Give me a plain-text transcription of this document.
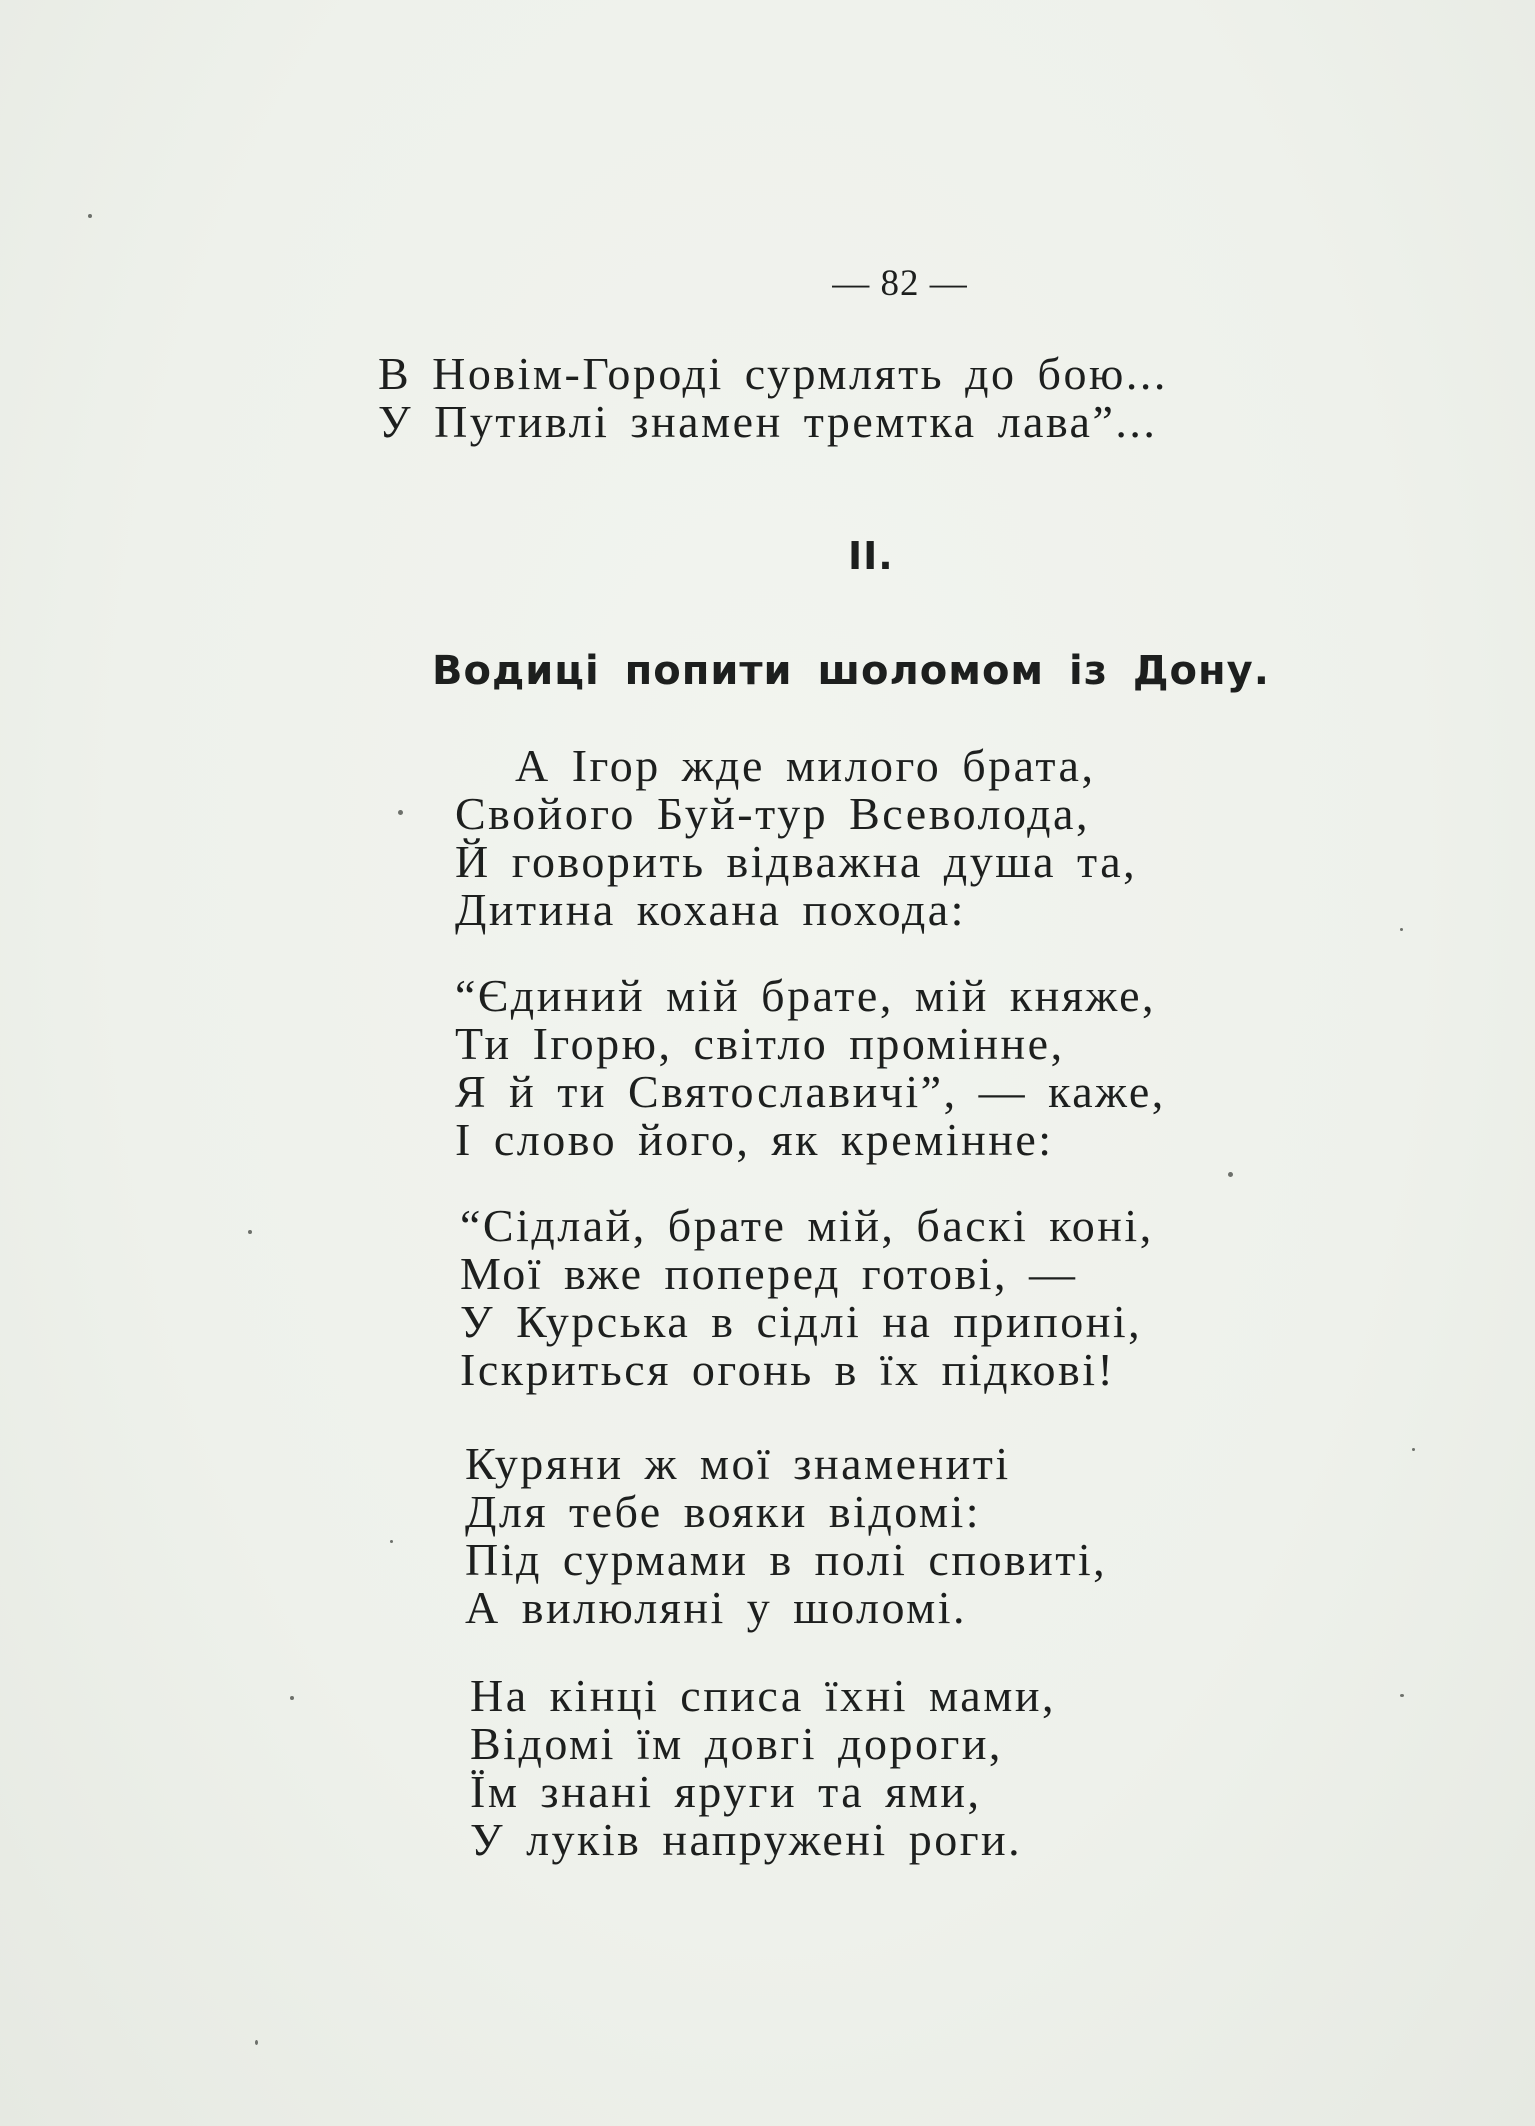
— 82 —
В Новім-Городі сурмлять до бою...
У Путивлі знамен тремтка лава”...
II.
Водиці попити шоломом із Дону.
А Ігор жде милого брата,
Свойого Буй-тур Всеволода,
Й говорить відважна душа та,
Дитина кохана похода:
“Єдиний мій брате, мій княже,
Ти Ігорю, світло промінне,
Я й ти Святославичі”, — каже,
І слово його, як кремінне:
“Сідлай, брате мій, баскі коні,
Мої вже поперед готові, —
У Курська в сідлі на припоні,
Іскриться огонь в їх підкові!
Куряни ж мої знамениті
Для тебе вояки відомі:
Під сурмами в полі сповиті,
А вилюляні у шоломі.
На кінці списа їхні мами,
Відомі їм довгі дороги,
Їм знані яруги та ями,
У луків напружені роги.
